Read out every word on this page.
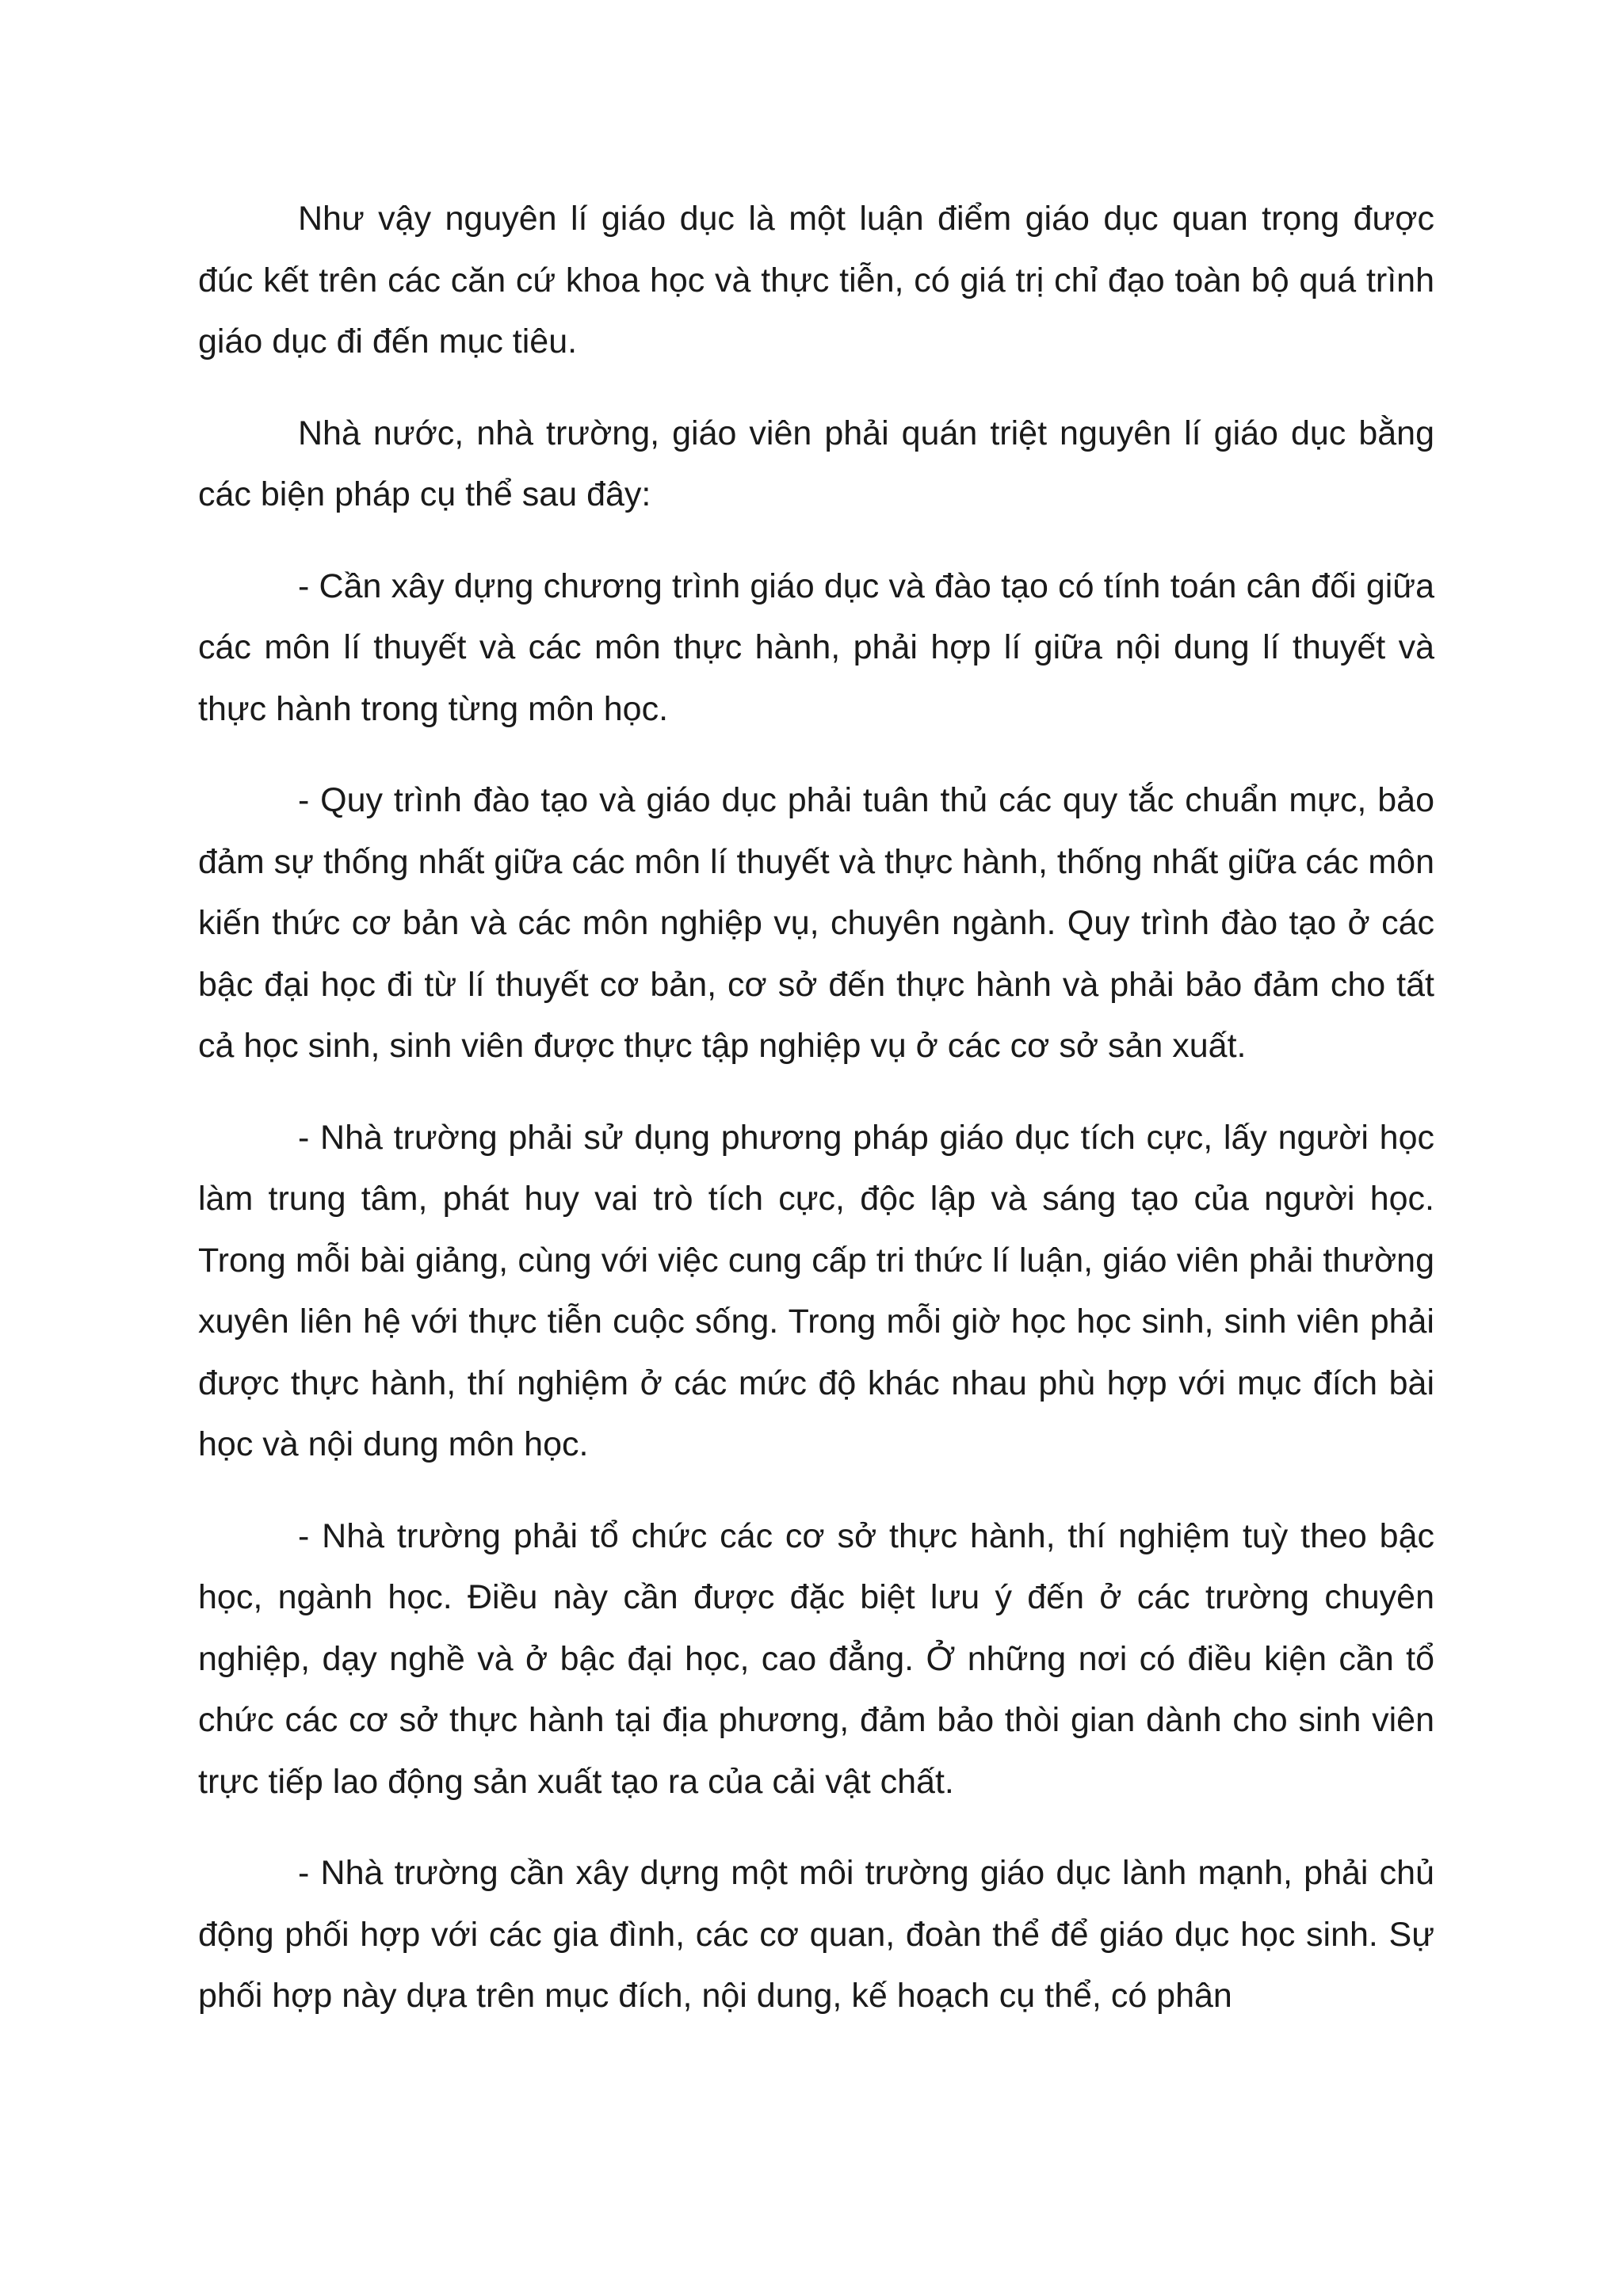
Như vậy nguyên lí giáo dục là một luận điểm giáo dục quan trọng được đúc kết trên các căn cứ khoa học và thực tiễn, có giá trị chỉ đạo toàn bộ quá trình giáo dục đi đến mục tiêu.

Nhà nước, nhà trường, giáo viên phải quán triệt nguyên lí giáo dục bằng các biện pháp cụ thể sau đây:

- Cần xây dựng chương trình giáo dục và đào tạo có tính toán cân đối giữa các môn lí thuyết và các môn thực hành, phải hợp lí giữa nội dung lí thuyết và thực hành trong từng môn học.

- Quy trình đào tạo và giáo dục phải tuân thủ các quy tắc chuẩn mực, bảo đảm sự thống nhất giữa các môn lí thuyết và thực hành, thống nhất giữa các môn kiến thức cơ bản và các môn nghiệp vụ, chuyên ngành. Quy trình đào tạo ở các bậc đại học đi từ lí thuyết cơ bản, cơ sở đến thực hành và phải bảo đảm cho tất cả học sinh, sinh viên được thực tập nghiệp vụ ở các cơ sở sản xuất.

- Nhà trường phải sử dụng phương pháp giáo dục tích cực, lấy người học làm trung tâm, phát huy vai trò tích cực, độc lập và sáng tạo của người học. Trong mỗi bài giảng, cùng với việc cung cấp tri thức lí luận, giáo viên phải thường xuyên liên hệ với thực tiễn cuộc sống. Trong mỗi giờ học học sinh, sinh viên phải được thực hành, thí nghiệm ở các mức độ khác nhau phù hợp với mục đích bài học và nội dung môn học.

- Nhà trường phải tổ chức các cơ sở thực hành, thí nghiệm tuỳ theo bậc học, ngành học. Điều này cần được đặc biệt lưu ý đến ở các trường chuyên nghiệp, dạy nghề và ở bậc đại học, cao đẳng. Ở những nơi có điều kiện cần tổ chức các cơ sở thực hành tại địa phương, đảm bảo thòi gian dành cho sinh viên trực tiếp lao động sản xuất tạo ra của cải vật chất.

- Nhà trường cần xây dựng một môi trường giáo dục lành mạnh, phải chủ động phối hợp với các gia đình, các cơ quan, đoàn thể để giáo dục học sinh. Sự phối hợp này dựa trên mục đích, nội dung, kế hoạch cụ thể, có phân
